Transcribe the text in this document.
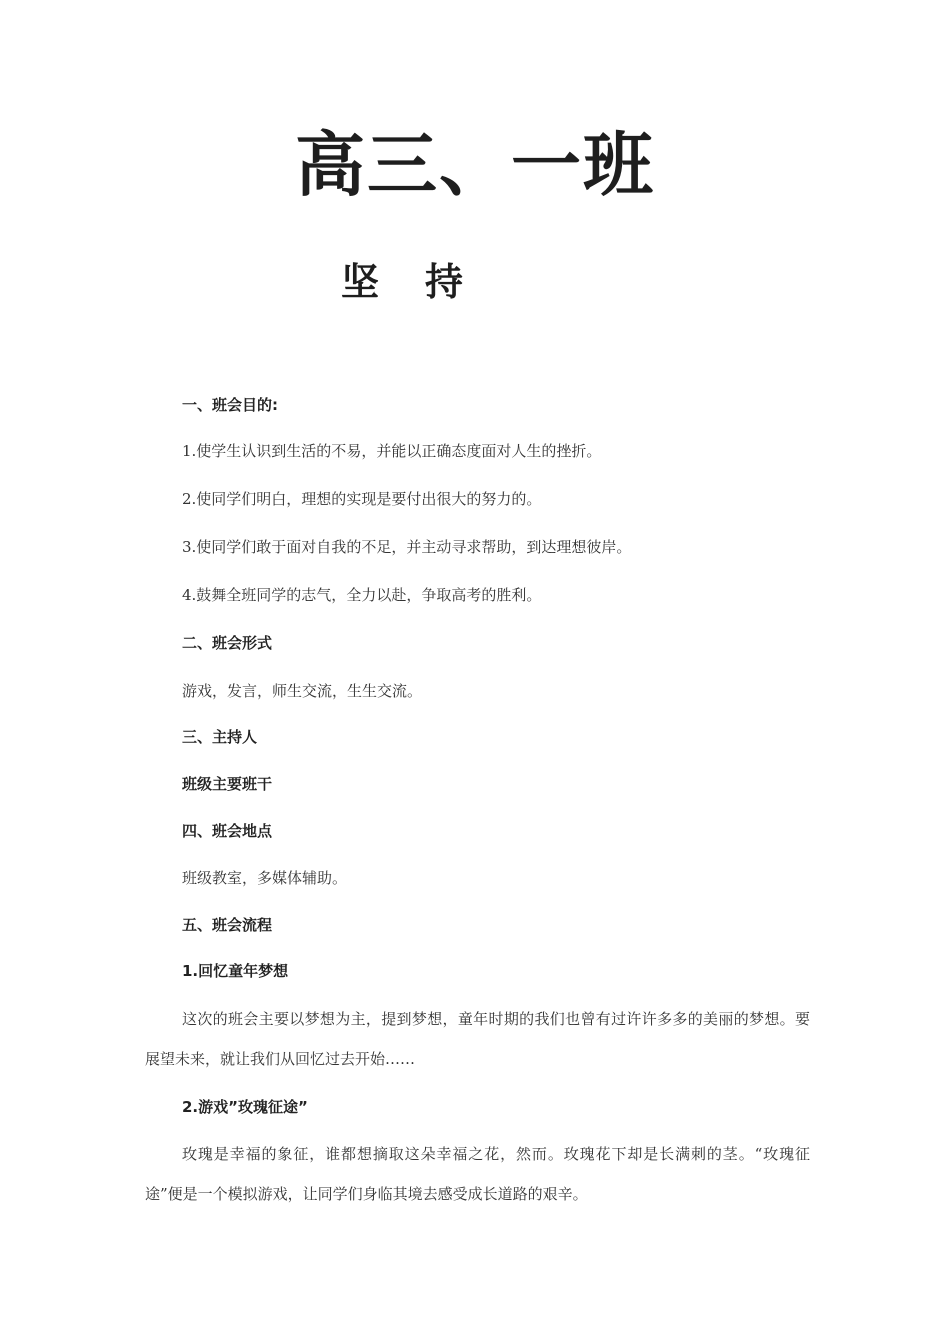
高三、一班
坚持
一、班会目的:
1.使学生认识到生活的不易，并能以正确态度面对人生的挫折。
2.使同学们明白，理想的实现是要付出很大的努力的。
3.使同学们敢于面对自我的不足，并主动寻求帮助，到达理想彼岸。
4.鼓舞全班同学的志气，全力以赴，争取高考的胜利。
二、班会形式
游戏，发言，师生交流，生生交流。
三、主持人
班级主要班干
四、班会地点
班级教室，多媒体辅助。
五、班会流程
1.回忆童年梦想
这次的班会主要以梦想为主，提到梦想，童年时期的我们也曾有过许许多多的美丽的梦想。要展望未来，就让我们从回忆过去开始……
2.游戏”玫瑰征途”
玫瑰是幸福的象征，谁都想摘取这朵幸福之花，然而。玫瑰花下却是长满刺的茎。“玫瑰征途”便是一个模拟游戏，让同学们身临其境去感受成长道路的艰辛。
